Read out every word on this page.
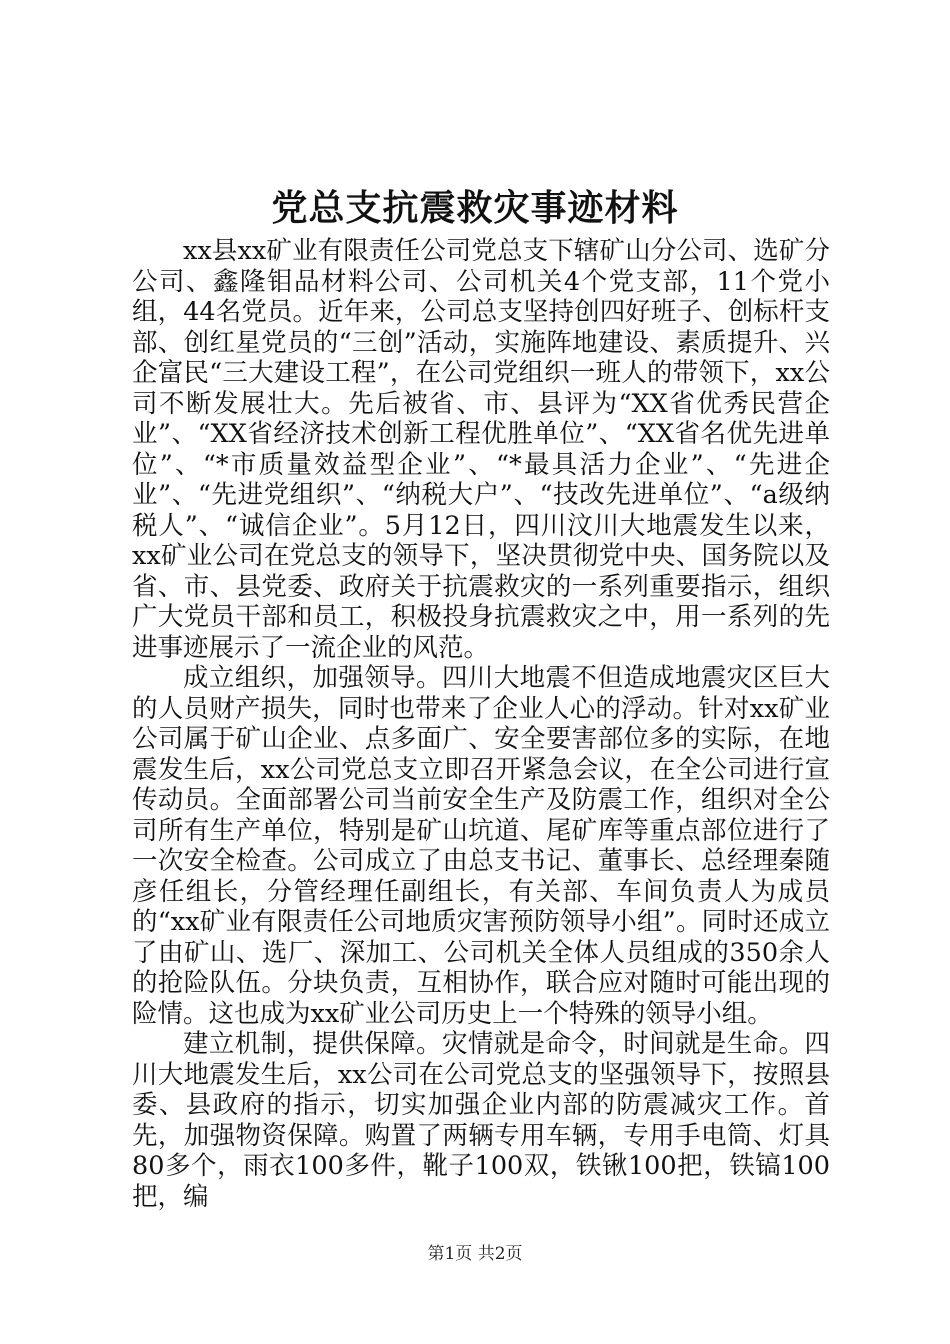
党总支抗震救灾事迹材料

xx县xx矿业有限责任公司党总支下辖矿山分公司、选矿分公司、鑫隆钼品材料公司、公司机关4个党支部，11个党小组，44名党员。近年来，公司总支坚持创四好班子、创标杆支部、创红星党员的“三创”活动，实施阵地建设、素质提升、兴企富民“三大建设工程”，在公司党组织一班人的带领下，xx公司不断发展壮大。先后被省、市、县评为“XX省优秀民营企业”、“XX省经济技术创新工程优胜单位”、“XX省名优先进单位”、“*市质量效益型企业”、“*最具活力企业”、“先进企业”、“先进党组织”、“纳税大户”、“技改先进单位”、“a级纳税人”、“诚信企业”。5月12日，四川汶川大地震发生以来，xx矿业公司在党总支的领导下，坚决贯彻党中央、国务院以及省、市、县党委、政府关于抗震救灾的一系列重要指示，组织广大党员干部和员工，积极投身抗震救灾之中，用一系列的先进事迹展示了一流企业的风范。

成立组织，加强领导。四川大地震不但造成地震灾区巨大的人员财产损失，同时也带来了企业人心的浮动。针对xx矿业公司属于矿山企业、点多面广、安全要害部位多的实际，在地震发生后，xx公司党总支立即召开紧急会议，在全公司进行宣传动员。全面部署公司当前安全生产及防震工作，组织对全公司所有生产单位，特别是矿山坑道、尾矿库等重点部位进行了一次安全检查。公司成立了由总支书记、董事长、总经理秦随彦任组长，分管经理任副组长，有关部、车间负责人为成员的“xx矿业有限责任公司地质灾害预防领导小组”。同时还成立了由矿山、选厂、深加工、公司机关全体人员组成的350余人的抢险队伍。分块负责，互相协作，联合应对随时可能出现的险情。这也成为xx矿业公司历史上一个特殊的领导小组。

建立机制，提供保障。灾情就是命令，时间就是生命。四川大地震发生后，xx公司在公司党总支的坚强领导下，按照县委、县政府的指示，切实加强企业内部的防震减灾工作。首先，加强物资保障。购置了两辆专用车辆，专用手电筒、灯具80多个，雨衣100多件，靴子100双，铁锹100把，铁镐100把，编

第1页 共2页
